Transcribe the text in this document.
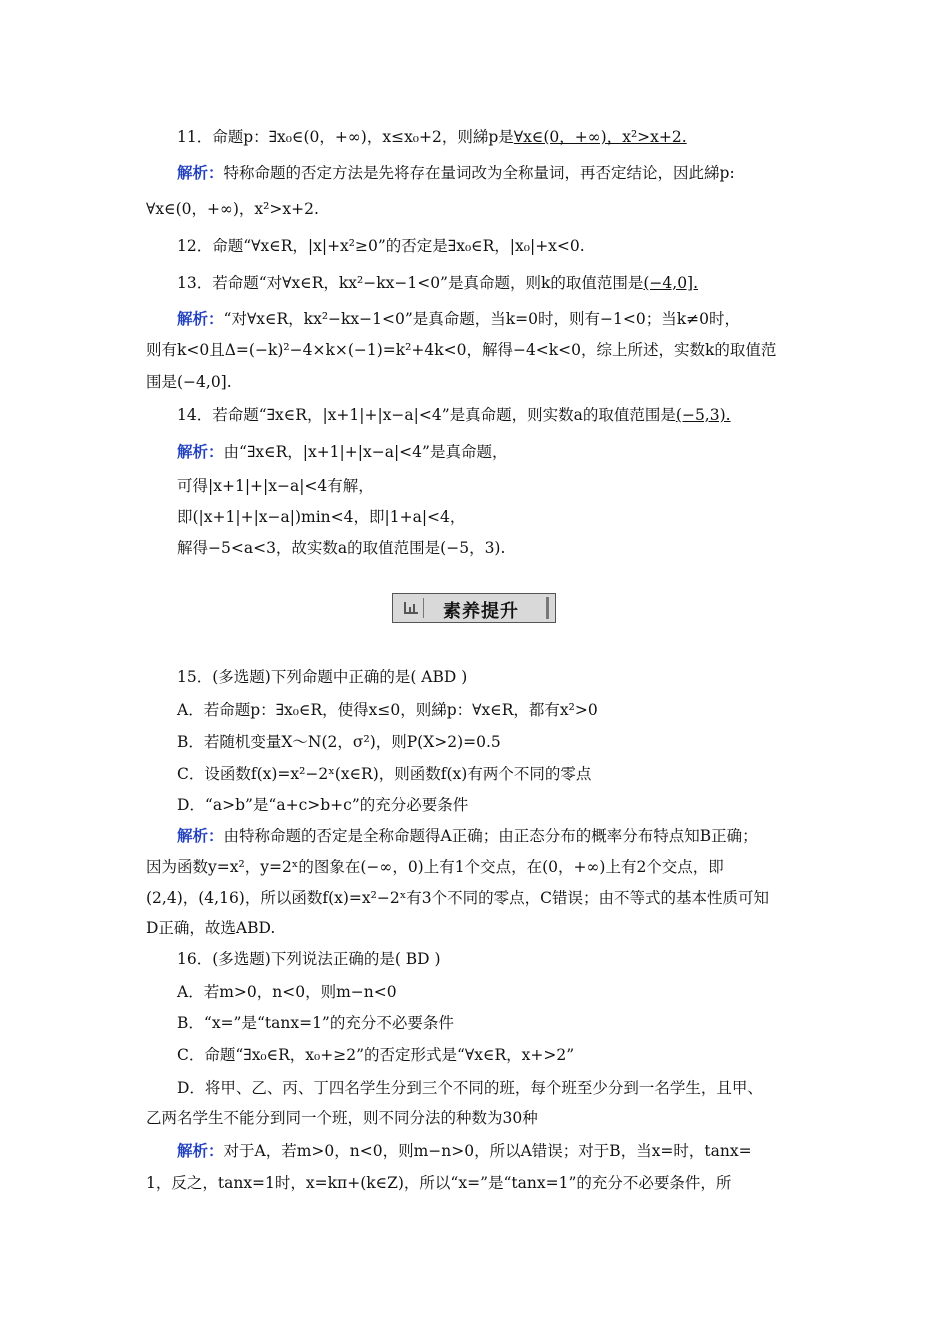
11．命题p：∃x₀∈(0，+∞)，x≤x₀+2，则綈p是∀x∈(0，+∞)，x²>x+2.
解析：特称命题的否定方法是先将存在量词改为全称量词，再否定结论，因此綈p:
∀x∈(0，+∞)，x²>x+2.
12．命题“∀x∈R，|x|+x²≥0”的否定是∃x₀∈R，|x₀|+x<0.
13．若命题“对∀x∈R，kx²−kx−1<0”是真命题，则k的取值范围是(−4,0].
解析：“对∀x∈R，kx²−kx−1<0”是真命题，当k=0时，则有−1<0；当k≠0时，
则有k<0且Δ=(−k)²−4×k×(−1)=k²+4k<0，解得−4<k<0，综上所述，实数k的取值范
围是(−4,0].
14．若命题“∃x∈R，|x+1|+|x−a|<4”是真命题，则实数a的取值范围是(−5,3).
解析：由“∃x∈R，|x+1|+|x−a|<4”是真命题，
可得|x+1|+|x−a|<4有解，
即(|x+1|+|x−a|)min<4，即|1+a|<4，
解得−5<a<3，故实数a的取值范围是(−5，3).
15．(多选题)下列命题中正确的是( ABD )
A．若命题p：∃x₀∈R，使得x≤0，则綈p：∀x∈R，都有x²>0
B．若随机变量X～N(2，σ²)，则P(X>2)=0.5
C．设函数f(x)=x²−2ˣ(x∈R)，则函数f(x)有两个不同的零点
D．“a>b”是“a+c>b+c”的充分必要条件
解析：由特称命题的否定是全称命题得A正确；由正态分布的概率分布特点知B正确；
因为函数y=x²，y=2ˣ的图象在(−∞，0)上有1个交点，在(0，+∞)上有2个交点，即
(2,4)，(4,16)，所以函数f(x)=x²−2ˣ有3个不同的零点，C错误；由不等式的基本性质可知
D正确，故选ABD.
16．(多选题)下列说法正确的是( BD )
A．若m>0，n<0，则m−n<0
B．“x=”是“tanx=1”的充分不必要条件
C．命题“∃x₀∈R，x₀+≥2”的否定形式是“∀x∈R，x+>2”
D．将甲、乙、丙、丁四名学生分到三个不同的班，每个班至少分到一名学生，且甲、
乙两名学生不能分到同一个班，则不同分法的种数为30种
解析：对于A，若m>0，n<0，则m−n>0，所以A错误；对于B，当x=时，tanx=
1，反之，tanx=1时，x=kπ+(k∈Z)，所以“x=”是“tanx=1”的充分不必要条件，所
素养提升
